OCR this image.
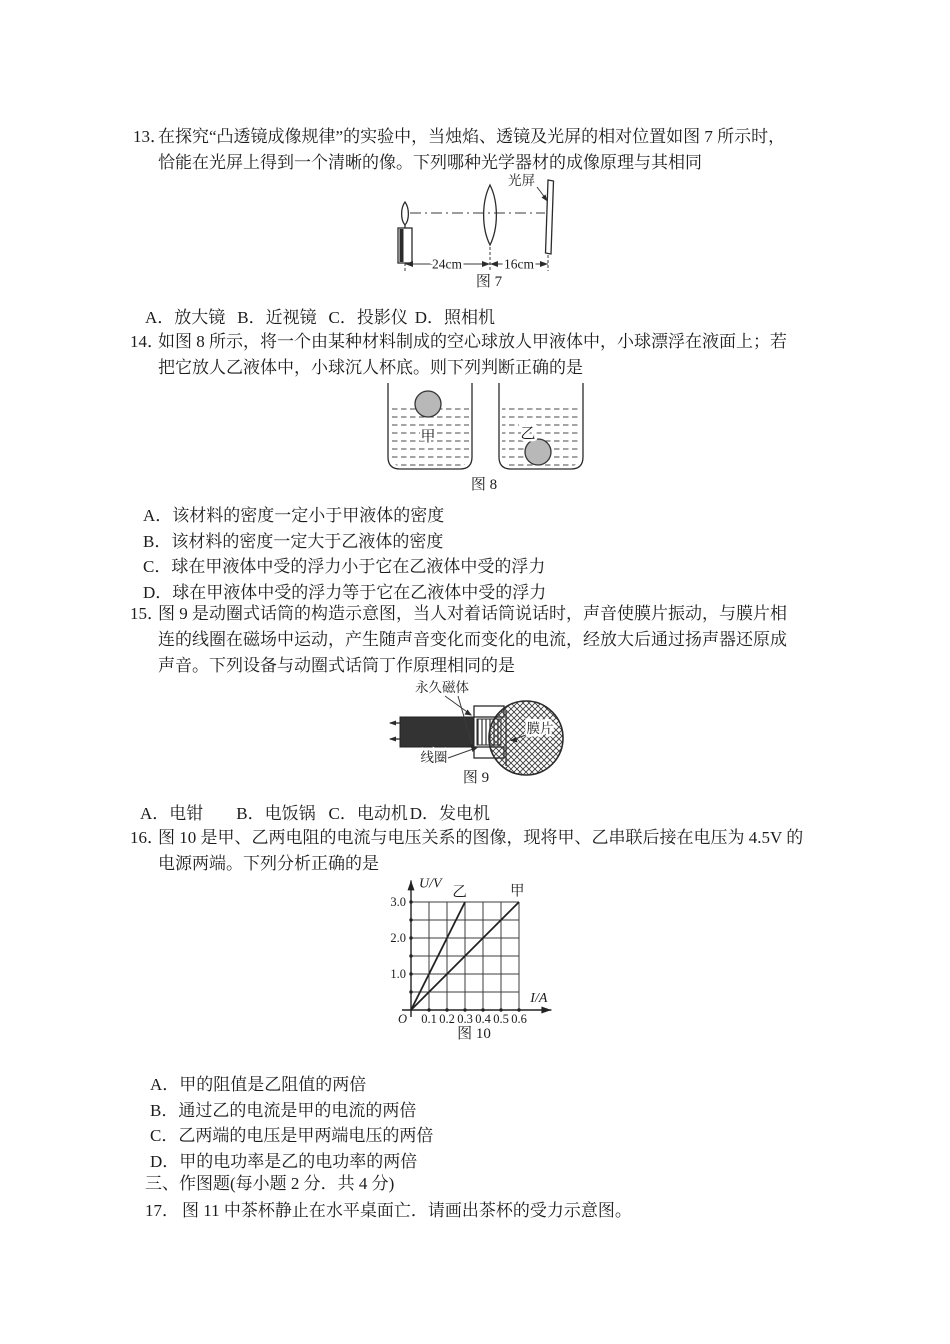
13．
在探究“凸透镜成像规律”的实验中，当烛焰、透镜及光屏的相对位置如图 7 所示时，
恰能在光屏上得到一个清晰的像。下列哪种光学器材的成像原理与其相同
光屏
24cm	16cm
图 7
A．放大镜 B．近视镜 C．投影仪 D．照相机
14．
如图 8 所示，将一个由某种材料制成的空心球放人甲液体中，小球漂浮在液面上；若
把它放人乙液体中，小球沉人杯底。则下列判断正确的是
甲	乙
图 8
A．该材料的密度一定小于甲液体的密度
B．该材料的密度一定大于乙液体的密度
C．球在甲液体中受的浮力小于它在乙液体中受的浮力
D．球在甲液体中受的浮力等于它在乙液体中受的浮力
15．
图 9 是动圈式话筒的构造示意图，当人对着话筒说话时，声音使膜片振动，与膜片相
连的线圈在磁场中运动，产生随声音变化而变化的电流，经放大后通过扬声器还原成
声音。下列设备与动圈式话筒丁作原理相同的是
永久磁体
膜片
线圈
图 9
A．电钳 B．电饭锅 C．电动机 D．发电机
16．
图 10 是甲、乙两电阻的电流与电压关系的图像，现将甲、乙串联后接在电压为 4.5V 的
电源两端。下列分析正确的是
0.1 0.2 0.3 0.4 0.5 0.6
1.0
2.0
3.0
O
U/V
I/A
乙	甲
图 10
A．甲的阻值是乙阻值的两倍
B．通过乙的电流是甲的电流的两倍
C．乙两端的电压是甲两端电压的两倍
D．甲的电功率是乙的电功率的两倍
三、作图题(每小题 2 分．共 4 分)
17． 图 11 中茶杯静止在水平桌面亡．请画出茶杯的受力示意图。
